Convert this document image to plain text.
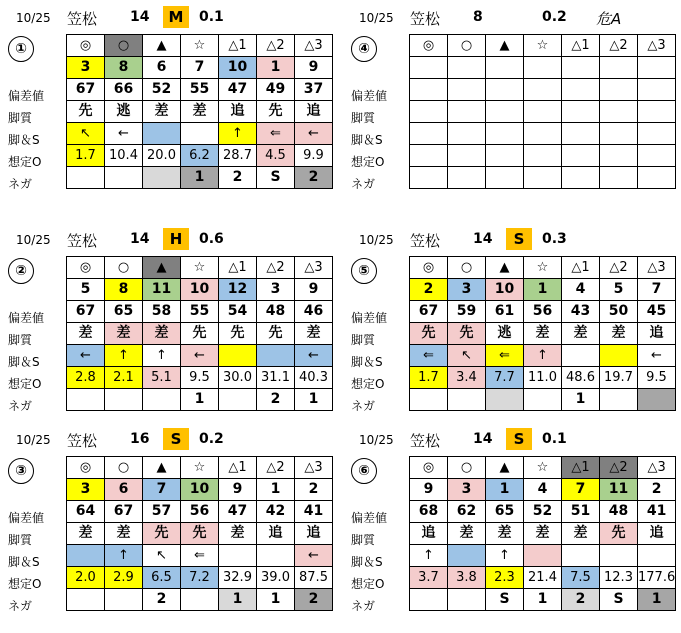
10/25 笠松 14	M	0.1
①
偏差値
脚質
脚＆S
想定O
ネガ
◎	○	▲	☆	△1	△2	△3
3	8	6	7	10	1	9
67	66	52	55	47	49	37
先	逃	差	差	追	先	追
↖	←			↑	⇐	←
1.7	10.4	20.0	6.2	28.7	4.5	9.9
			1	2	S	2
10/25 笠松 8	0.2 危A
④
偏差値
脚質
脚＆S
想定O
ネガ
◎	○	▲	☆	△1	△2	△3

10/25 笠松 14	H	0.6
②
偏差値
脚質
脚＆S
想定O
ネガ
◎	○	▲	☆	△1	△2	△3
5	8	11	10	12	3	9
67	65	58	55	54	48	46
差	差	差	先	先	先	差
←	↑	↑	←			←
2.8	2.1	5.1	9.5	30.0	31.1	40.3
			1		2	1
10/25 笠松 14	S	0.3
⑤
偏差値
脚質
脚＆S
想定O
ネガ
◎	○	▲	☆	△1	△2	△3
2	3	10	1	4	5	7
67	59	61	56	43	50	45
先	先	逃	差	差	差	追
⇐	↖	⇐	↑			←
1.7	3.4	7.7	11.0	48.6	19.7	9.5
				1		
10/25 笠松 16	S	0.2
③
偏差値
脚質
脚＆S
想定O
ネガ
◎	○	▲	☆	△1	△2	△3
3	6	7	10	9	1	2
64	67	57	56	47	42	41
差	差	先	先	差	追	追
	↑	↖	⇐			←
2.0	2.9	6.5	7.2	32.9	39.0	87.5
		2		1	1	2
10/25 笠松 14	S	0.1
⑥
偏差値
脚質
脚＆S
想定O
ネガ
◎	○	▲	☆	△1	△2	△3
9	3	1	4	7	11	2
68	62	65	52	51	48	41
追	差	差	差	差	先	追
↑		↑				
3.7	3.8	2.3	21.4	7.5	12.3	177.6
		S	1	2	S	1
